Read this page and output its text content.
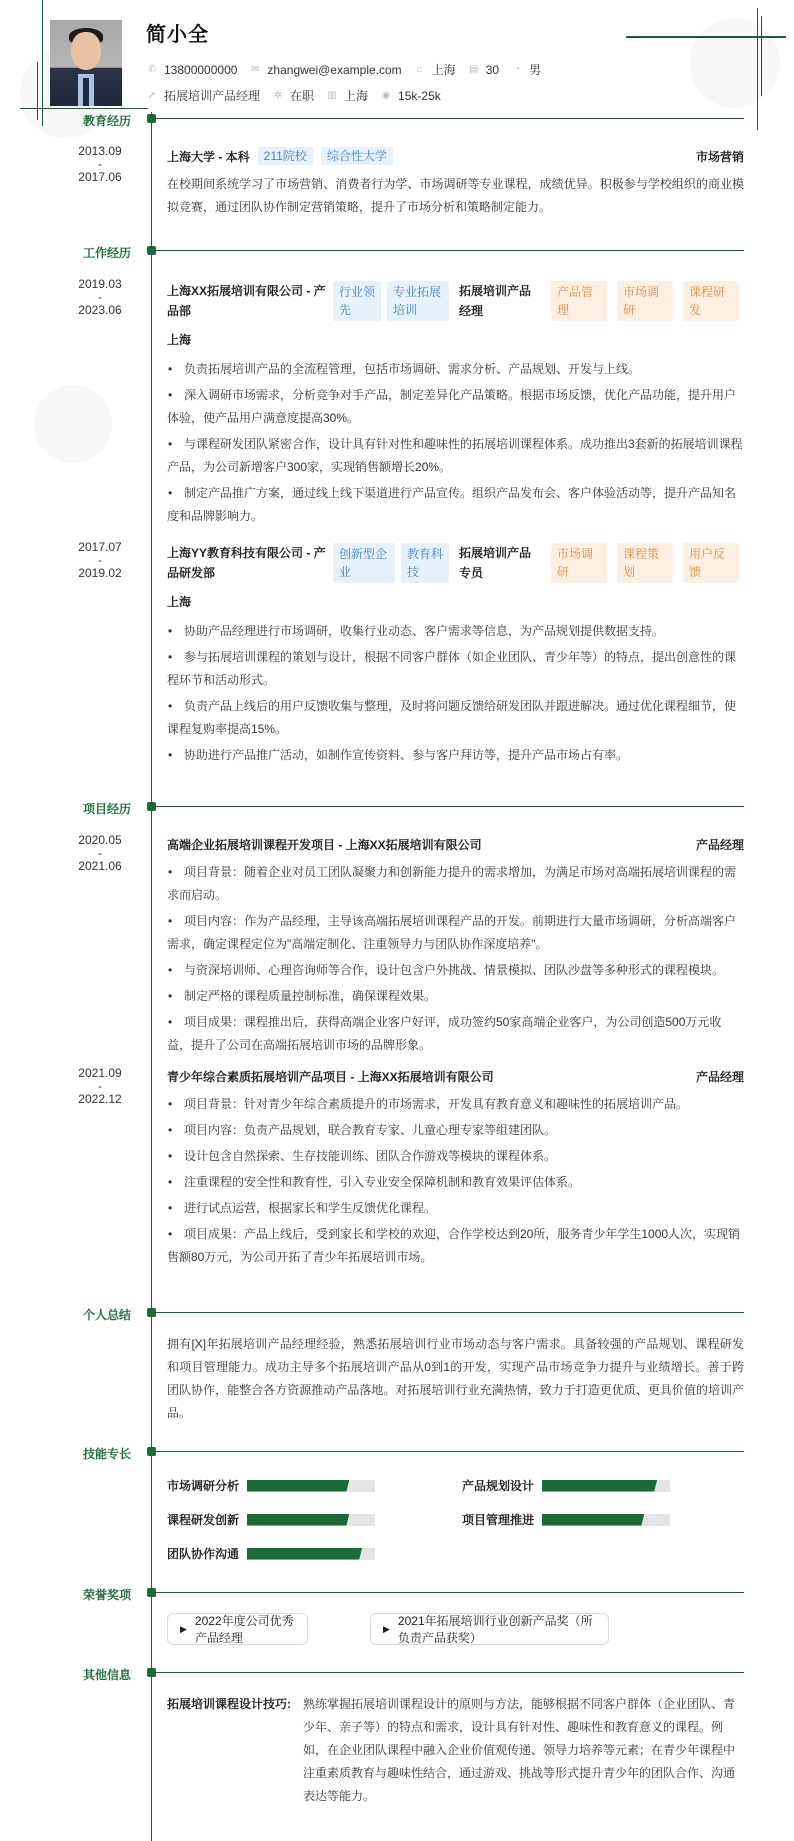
简小全
✆ 13800000000 ✉ zhangwei@example.com ⌂ 上海 ▤ 30 ◔ 男
➚ 拓展培训产品经理 ✲ 在职 ▥ 上海 ◉ 15k-25k
教育经历
2013.09
-
2017.06
上海大学 - 本科	211院校	综合性大学	市场营销
在校期间系统学习了市场营销、消费者行为学、市场调研等专业课程，成绩优异。积极参与学校组织的商业模拟竞赛，通过团队协作制定营销策略，提升了市场分析和策略制定能力。
工作经历
2019.03
-
2023.06
上海XX拓展培训有限公司 - 产品部
行业领先
专业拓展培训
拓展培训产品经理
产品管理
市场调研
课程研发
上海
• 负责拓展培训产品的全流程管理，包括市场调研、需求分析、产品规划、开发与上线。
• 深入调研市场需求，分析竞争对手产品，制定差异化产品策略。根据市场反馈，优化产品功能，提升用户体验，使产品用户满意度提高30%。
• 与课程研发团队紧密合作，设计具有针对性和趣味性的拓展培训课程体系。成功推出3套新的拓展培训课程产品，为公司新增客户300家，实现销售额增长20%。
• 制定产品推广方案，通过线上线下渠道进行产品宣传。组织产品发布会、客户体验活动等，提升产品知名度和品牌影响力。
2017.07
-
2019.02
上海YY教育科技有限公司 - 产品研发部
创新型企业
教育科技
拓展培训产品专员
市场调研
课程策划
用户反馈
上海
• 协助产品经理进行市场调研，收集行业动态、客户需求等信息，为产品规划提供数据支持。
• 参与拓展培训课程的策划与设计，根据不同客户群体（如企业团队、青少年等）的特点，提出创意性的课程环节和活动形式。
• 负责产品上线后的用户反馈收集与整理，及时将问题反馈给研发团队并跟进解决。通过优化课程细节，使课程复购率提高15%。
• 协助进行产品推广活动，如制作宣传资料、参与客户拜访等，提升产品市场占有率。
项目经历
2020.05
-
2021.06
高端企业拓展培训课程开发项目 - 上海XX拓展培训有限公司	产品经理
• 项目背景：随着企业对员工团队凝聚力和创新能力提升的需求增加，为满足市场对高端拓展培训课程的需求而启动。
• 项目内容：作为产品经理，主导该高端拓展培训课程产品的开发。前期进行大量市场调研，分析高端客户需求，确定课程定位为"高端定制化、注重领导力与团队协作深度培养"。
• 与资深培训师、心理咨询师等合作，设计包含户外挑战、情景模拟、团队沙盘等多种形式的课程模块。
• 制定严格的课程质量控制标准，确保课程效果。
• 项目成果：课程推出后，获得高端企业客户好评，成功签约50家高端企业客户，为公司创造500万元收益，提升了公司在高端拓展培训市场的品牌形象。
2021.09
-
2022.12
青少年综合素质拓展培训产品项目 - 上海XX拓展培训有限公司	产品经理
• 项目背景：针对青少年综合素质提升的市场需求，开发具有教育意义和趣味性的拓展培训产品。
• 项目内容：负责产品规划，联合教育专家、儿童心理专家等组建团队。
• 设计包含自然探索、生存技能训练、团队合作游戏等模块的课程体系。
• 注重课程的安全性和教育性，引入专业安全保障机制和教育效果评估体系。
• 进行试点运营，根据家长和学生反馈优化课程。
• 项目成果：产品上线后，受到家长和学校的欢迎，合作学校达到20所，服务青少年学生1000人次，实现销售额80万元，为公司开拓了青少年拓展培训市场。
个人总结
拥有[X]年拓展培训产品经理经验，熟悉拓展培训行业市场动态与客户需求。具备较强的产品规划、课程研发和项目管理能力。成功主导多个拓展培训产品从0到1的开发，实现产品市场竞争力提升与业绩增长。善于跨团队协作，能整合各方资源推动产品落地。对拓展培训行业充满热情，致力于打造更优质、更具价值的培训产品。
技能专长
市场调研分析	产品规划设计
课程研发创新	项目管理推进
团队协作沟通
荣誉奖项
▶
2022年度公司优秀产品经理
▶
2021年拓展培训行业创新产品奖（所负责产品获奖）
其他信息
拓展培训课程设计技巧:	熟练掌握拓展培训课程设计的原则与方法，能够根据不同客户群体（企业团队、青少年、亲子等）的特点和需求，设计具有针对性、趣味性和教育意义的课程。例如，在企业团队课程中融入企业价值观传递、领导力培养等元素；在青少年课程中注重素质教育与趣味性结合，通过游戏、挑战等形式提升青少年的团队合作、沟通表达等能力。
